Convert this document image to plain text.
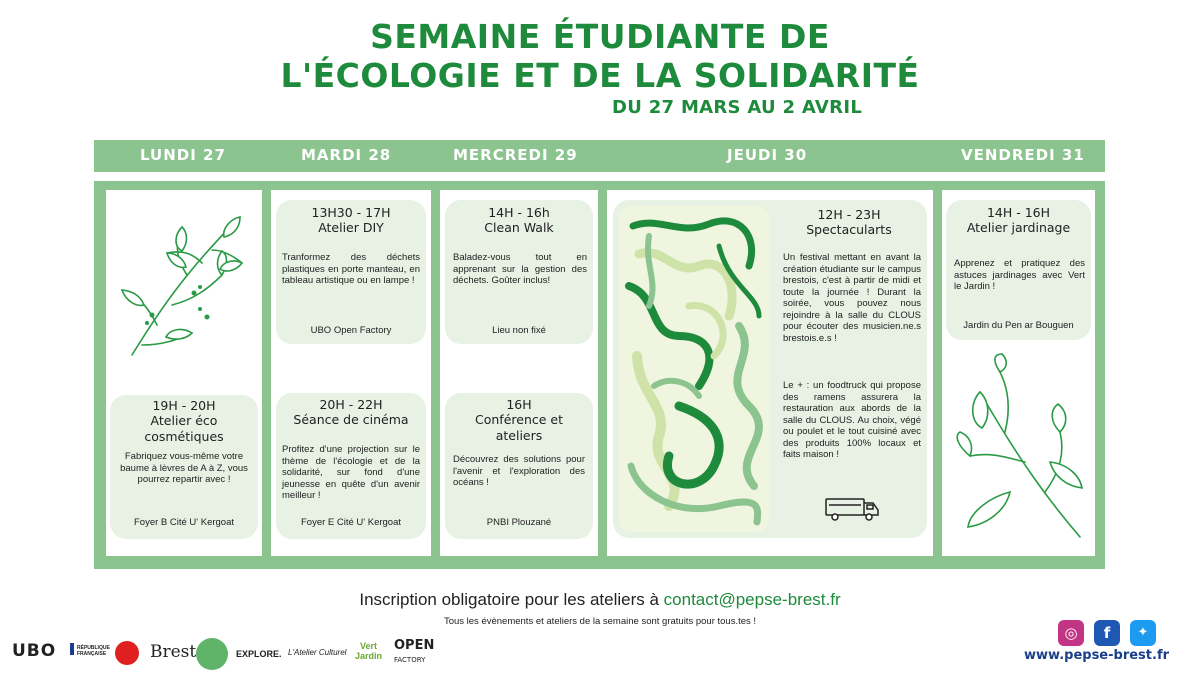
SEMAINE ÉTUDIANTE DE
L'ÉCOLOGIE ET DE LA SOLIDARITÉ
DU 27 MARS AU 2 AVRIL
LUNDI 27	MARDI 28	MERCREDI 29	JEUDI 30	VENDREDI 31
19H - 20H
Atelier éco cosmétiques
Fabriquez vous-même votre baume à lèvres de A à Z, vous pourrez repartir avec !
Foyer B Cité U' Kergoat
13H30 - 17H
Atelier DIY
Tranformez des déchets plastiques en porte manteau, en tableau artistique ou en lampe !
UBO Open Factory
20H - 22H
Séance de cinéma
Profitez d'une projection sur le thème de l'écologie et de la solidarité, sur fond d'une jeunesse en quête d'un avenir meilleur !
Foyer E Cité U' Kergoat
14H - 16h
Clean Walk
Baladez-vous tout en apprenant sur la gestion des déchets. Goûter inclus!
Lieu non fixé
16H
Conférence et ateliers
Découvrez des solutions pour l'avenir et l'exploration des océans !
PNBI Plouzané
12H - 23H
Spectacularts
Un festival mettant en avant la création étudiante sur le campus brestois, c'est à partir de midi et toute la journée ! Durant la soirée, vous pouvez nous rejoindre à la salle du CLOUS pour écouter des musicien.ne.s brestois.e.s !
Le + : un foodtruck qui propose des ramens assurera la restauration aux abords de la salle du CLOUS. Au choix, végé ou poulet et le tout cuisiné avec des produits 100% locaux et faits maison !
14H - 16H
Atelier jardinage
Apprenez et pratiquez des astuces jardinages avec Vert le Jardin !
Jardin du Pen ar Bouguen
Inscription obligatoire pour les ateliers à contact@pepse-brest.fr
Tous les évènements et ateliers de la semaine sont gratuits pour tous.tes !
UBO	RÉPUBLIQUE FRANÇAISE	Brest	EXPLORE. L'Atelier Culturel
Vert
Jardin
OPEN
FACTORY
◎	f	✦
www.pepse-brest.fr
